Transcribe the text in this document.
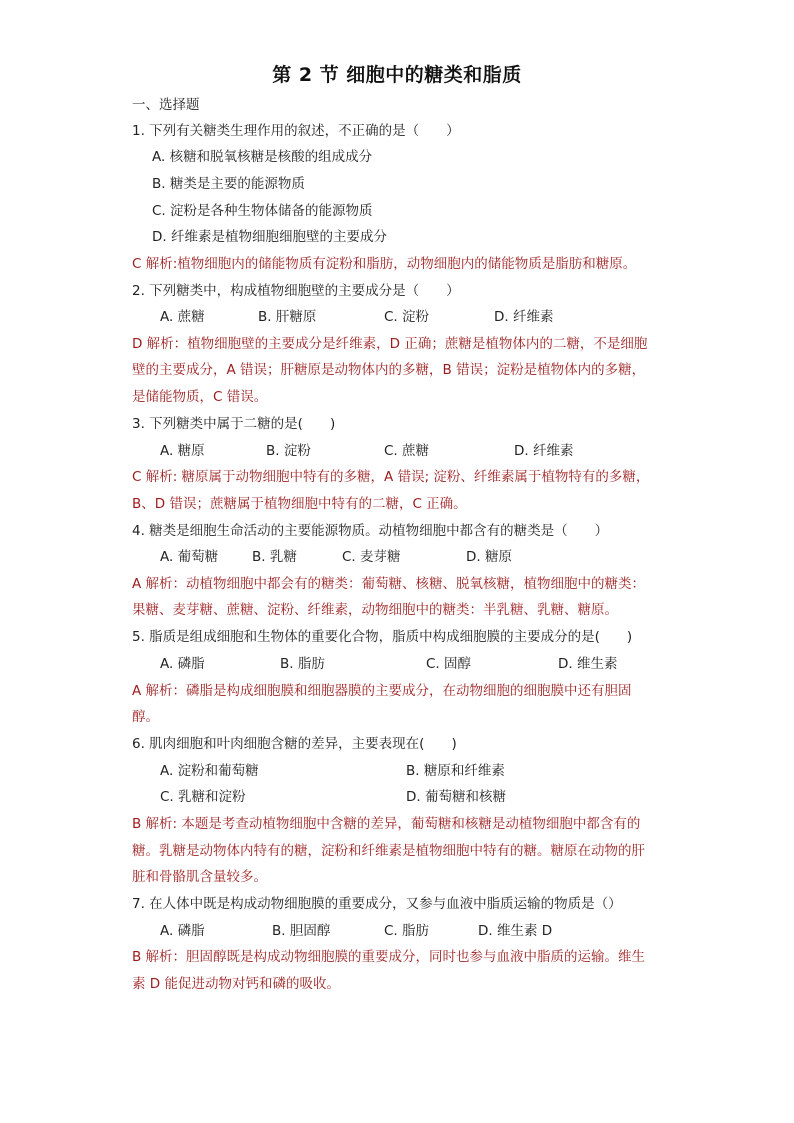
第 2 节 细胞中的糖类和脂质
一、选择题
1. 下列有关糖类生理作用的叙述，不正确的是（　　）
A. 核糖和脱氧核糖是核酸的组成成分
B. 糖类是主要的能源物质
C. 淀粉是各种生物体储备的能源物质
D. 纤维素是植物细胞细胞壁的主要成分
C 解析:植物细胞内的储能物质有淀粉和脂肪，动物细胞内的储能物质是脂肪和糖原。
2. 下列糖类中，构成植物细胞壁的主要成分是（　　）
A. 蔗糖	B. 肝糖原	C. 淀粉	D. 纤维素
D 解析：植物细胞壁的主要成分是纤维素，D 正确；蔗糖是植物体内的二糖，不是细胞
壁的主要成分，A 错误；肝糖原是动物体内的多糖，B 错误；淀粉是植物体内的多糖，
是储能物质，C 错误。
3. 下列糖类中属于二糖的是(　　)
A. 糖原	B. 淀粉	C. 蔗糖	D. 纤维素
C 解析: 糖原属于动物细胞中特有的多糖，A 错误; 淀粉、纤维素属于植物特有的多糖，
B、D 错误；蔗糖属于植物细胞中特有的二糖，C 正确。
4. 糖类是细胞生命活动的主要能源物质。动植物细胞中都含有的糖类是（　　）
A. 葡萄糖	B. 乳糖	C. 麦芽糖	D. 糖原
A 解析：动植物细胞中都会有的糖类：葡萄糖、核糖、脱氧核糖，植物细胞中的糖类：
果糖、麦芽糖、蔗糖、淀粉、纤维素，动物细胞中的糖类：半乳糖、乳糖、糖原。
5. 脂质是组成细胞和生物体的重要化合物，脂质中构成细胞膜的主要成分的是(　　)
A. 磷脂	B. 脂肪	C. 固醇	D. 维生素
A 解析：磷脂是构成细胞膜和细胞器膜的主要成分，在动物细胞的细胞膜中还有胆固
醇。
6. 肌肉细胞和叶肉细胞含糖的差异，主要表现在(　　)
A. 淀粉和葡萄糖	B. 糖原和纤维素
C. 乳糖和淀粉	D. 葡萄糖和核糖
B 解析: 本题是考查动植物细胞中含糖的差异，葡萄糖和核糖是动植物细胞中都含有的
糖。乳糖是动物体内特有的糖，淀粉和纤维素是植物细胞中特有的糖。糖原在动物的肝
脏和骨骼肌含量较多。
7. 在人体中既是构成动物细胞膜的重要成分，又参与血液中脂质运输的物质是（）
A. 磷脂	B. 胆固醇	C. 脂肪	D. 维生素 D
B 解析：胆固醇既是构成动物细胞膜的重要成分，同时也参与血液中脂质的运输。维生
素 D 能促进动物对钙和磷的吸收。
